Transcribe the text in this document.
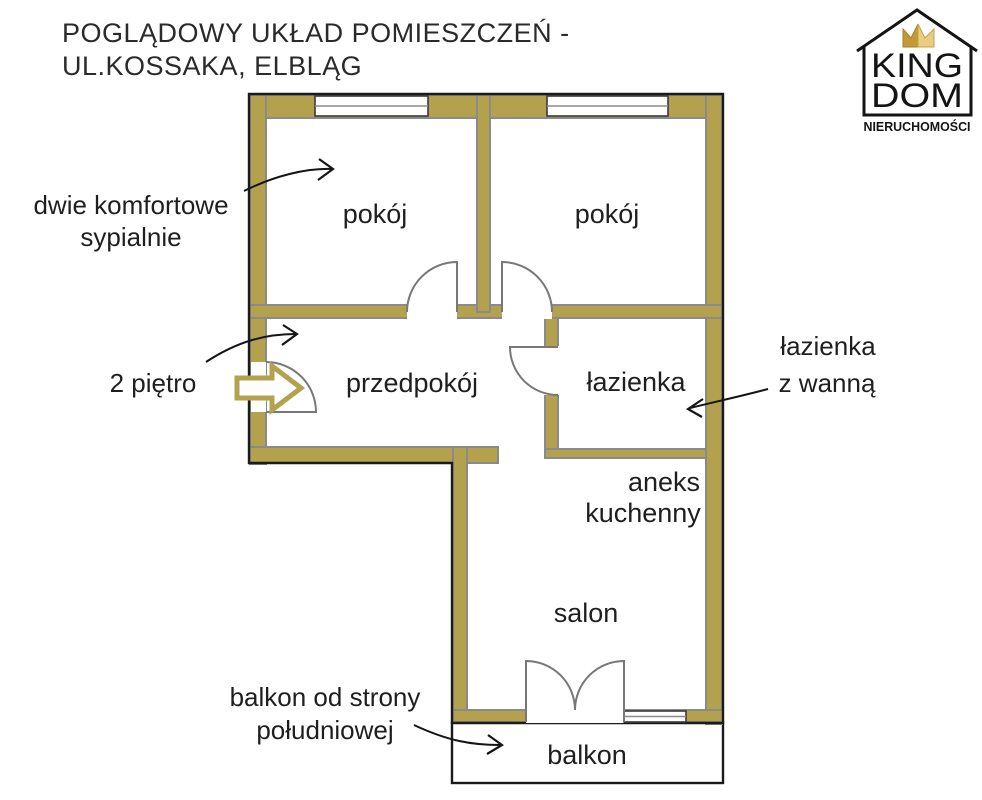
POGLĄDOWY UKŁAD POMIESZCZEŃ -
UL.KOSSAKA, ELBLĄG	KING
DOM
NIERUCHOMOŚCI
pokój	pokój
przedpokój	łazienka
aneks
kuchenny
salon
balkon
dwie komfortowe
sypialnie
2 piętro
łazienka
z wanną
balkon od strony
południowej
